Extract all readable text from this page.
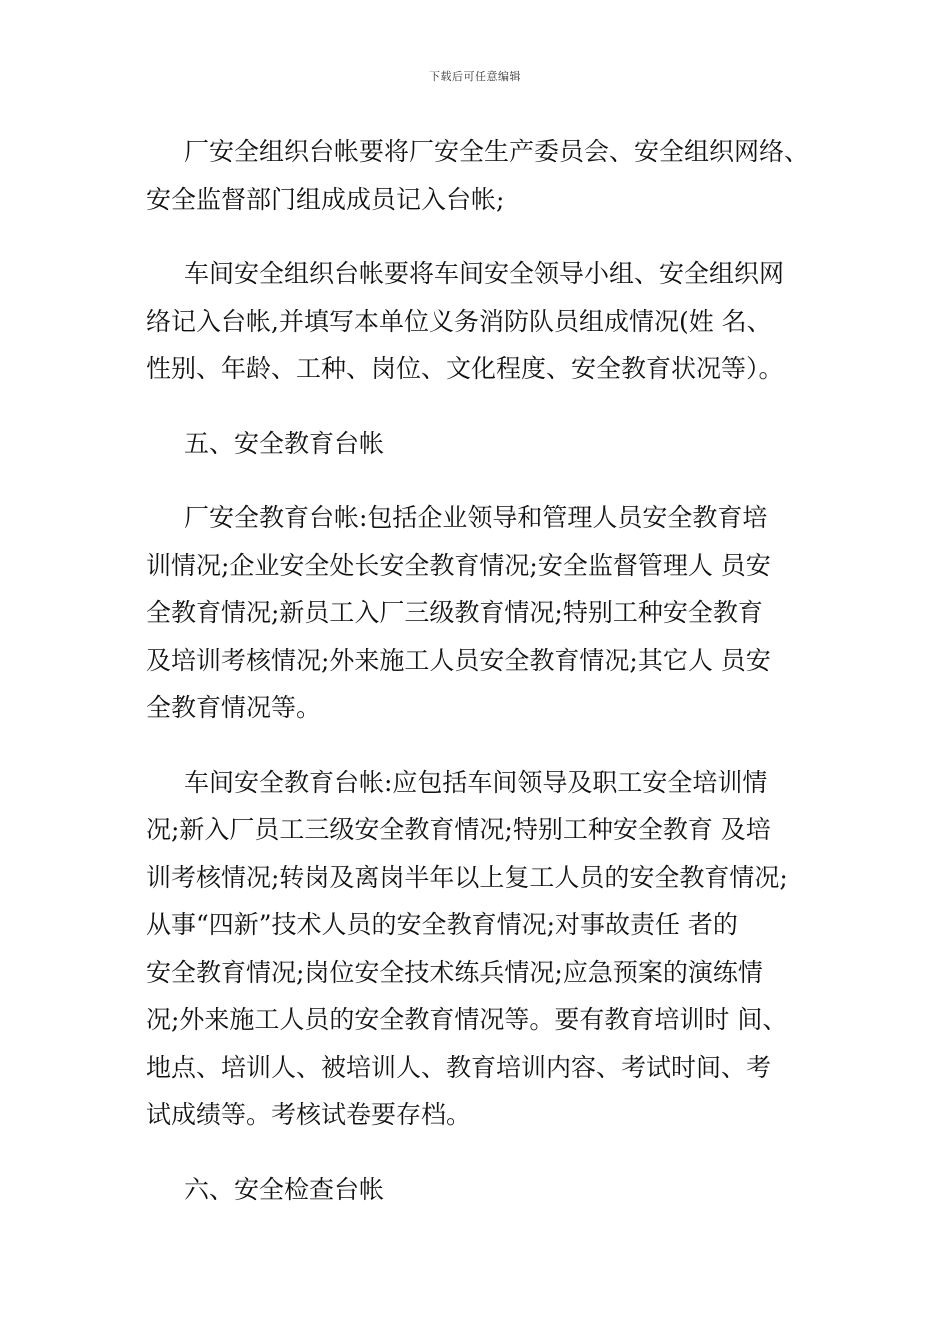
下载后可任意编辑
厂安全组织台帐要将厂安全生产委员会、安全组织网络、
安全监督部门组成成员记入台帐;
车间安全组织台帐要将车间安全领导小组、安全组织网
络记入台帐,并填写本单位义务消防队员组成情况(姓 名、
性别、年龄、工种、岗位、文化程度、安全教育状况等）。
五、安全教育台帐
厂安全教育台帐:包括企业领导和管理人员安全教育培
训情况;企业安全处长安全教育情况;安全监督管理人 员安
全教育情况;新员工入厂三级教育情况;特别工种安全教育
及培训考核情况;外来施工人员安全教育情况;其它人 员安
全教育情况等。
车间安全教育台帐:应包括车间领导及职工安全培训情
况;新入厂员工三级安全教育情况;特别工种安全教育 及培
训考核情况;转岗及离岗半年以上复工人员的安全教育情况;
从事“四新”技术人员的安全教育情况;对事故责任 者的
安全教育情况;岗位安全技术练兵情况;应急预案的演练情
况;外来施工人员的安全教育情况等。要有教育培训时 间、
地点、培训人、被培训人、教育培训内容、考试时间、考
试成绩等。考核试卷要存档。
六、安全检查台帐
